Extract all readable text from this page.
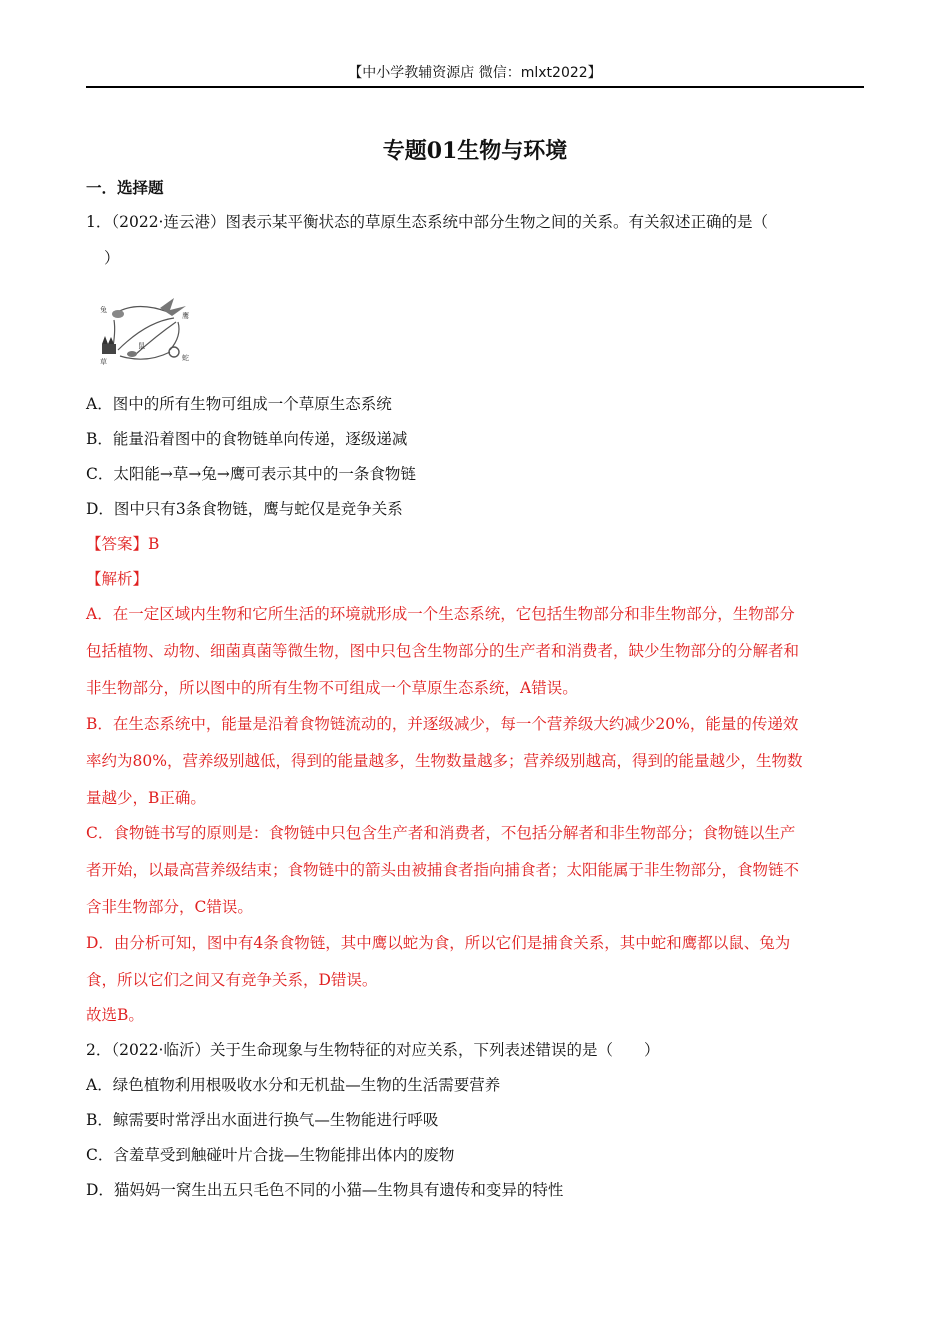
【中小学教辅资源店 微信：mlxt2022】
专题01生物与环境
一．选择题
1．（2022·连云港）图表示某平衡状态的草原生态系统中部分生物之间的关系。有关叙述正确的是（
）
兔
鹰
草
鼠
蛇
A．图中的所有生物可组成一个草原生态系统
B．能量沿着图中的食物链单向传递，逐级递减
C．太阳能→草→兔→鹰可表示其中的一条食物链
D．图中只有3条食物链，鹰与蛇仅是竞争关系
【答案】B
【解析】
A．在一定区域内生物和它所生活的环境就形成一个生态系统，它包括生物部分和非生物部分，生物部分
包括植物、动物、细菌真菌等微生物，图中只包含生物部分的生产者和消费者，缺少生物部分的分解者和
非生物部分，所以图中的所有生物不可组成一个草原生态系统，A错误。
B．在生态系统中，能量是沿着食物链流动的，并逐级减少，每一个营养级大约减少20%，能量的传递效
率约为80%，营养级别越低，得到的能量越多，生物数量越多；营养级别越高，得到的能量越少，生物数
量越少，B正确。
C．食物链书写的原则是：食物链中只包含生产者和消费者，不包括分解者和非生物部分；食物链以生产
者开始，以最高营养级结束；食物链中的箭头由被捕食者指向捕食者；太阳能属于非生物部分，食物链不
含非生物部分，C错误。
D．由分析可知，图中有4条食物链，其中鹰以蛇为食，所以它们是捕食关系，其中蛇和鹰都以鼠、兔为
食，所以它们之间又有竞争关系，D错误。
故选B。
2．（2022·临沂）关于生命现象与生物特征的对应关系，下列表述错误的是（　　）
A．绿色植物利用根吸收水分和无机盐—生物的生活需要营养
B．鲸需要时常浮出水面进行换气—生物能进行呼吸
C．含羞草受到触碰叶片合拢—生物能排出体内的废物
D．猫妈妈一窝生出五只毛色不同的小猫—生物具有遗传和变异的特性
